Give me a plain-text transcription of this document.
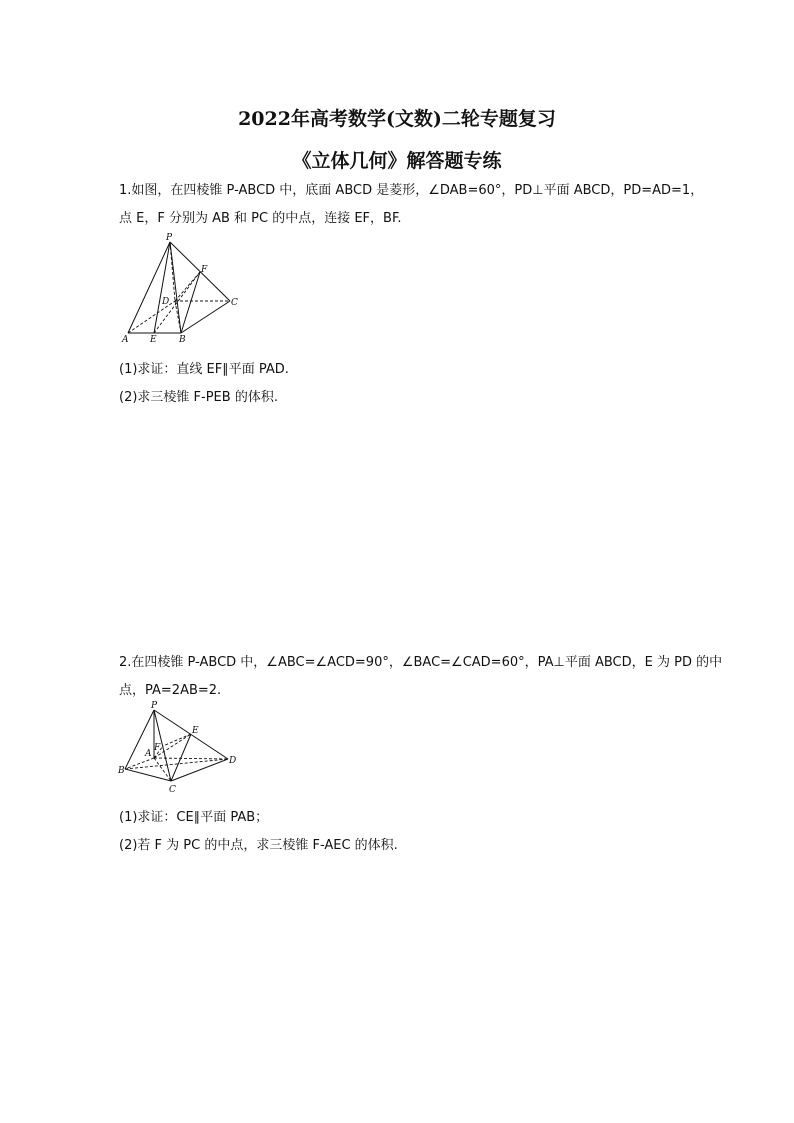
2022年高考数学(文数)二轮专题复习
《立体几何》解答题专练
1.如图，在四棱锥 P-ABCD 中，底面 ABCD 是菱形，∠DAB=60°，PD⊥平面 ABCD，PD=AD=1，
点 E，F 分别为 AB 和 PC 的中点，连接 EF，BF.
P
F
D	C
A E B
(1)求证：直线 EF∥平面 PAD.
(2)求三棱锥 F-PEB 的体积.
2.在四棱锥 P-ABCD 中，∠ABC=∠ACD=90°，∠BAC=∠CAD=60°，PA⊥平面 ABCD，E 为 PD 的中
点，PA=2AB=2.
P
E
A
F
B
D
C
(1)求证：CE∥平面 PAB；
(2)若 F 为 PC 的中点，求三棱锥 F-AEC 的体积.
